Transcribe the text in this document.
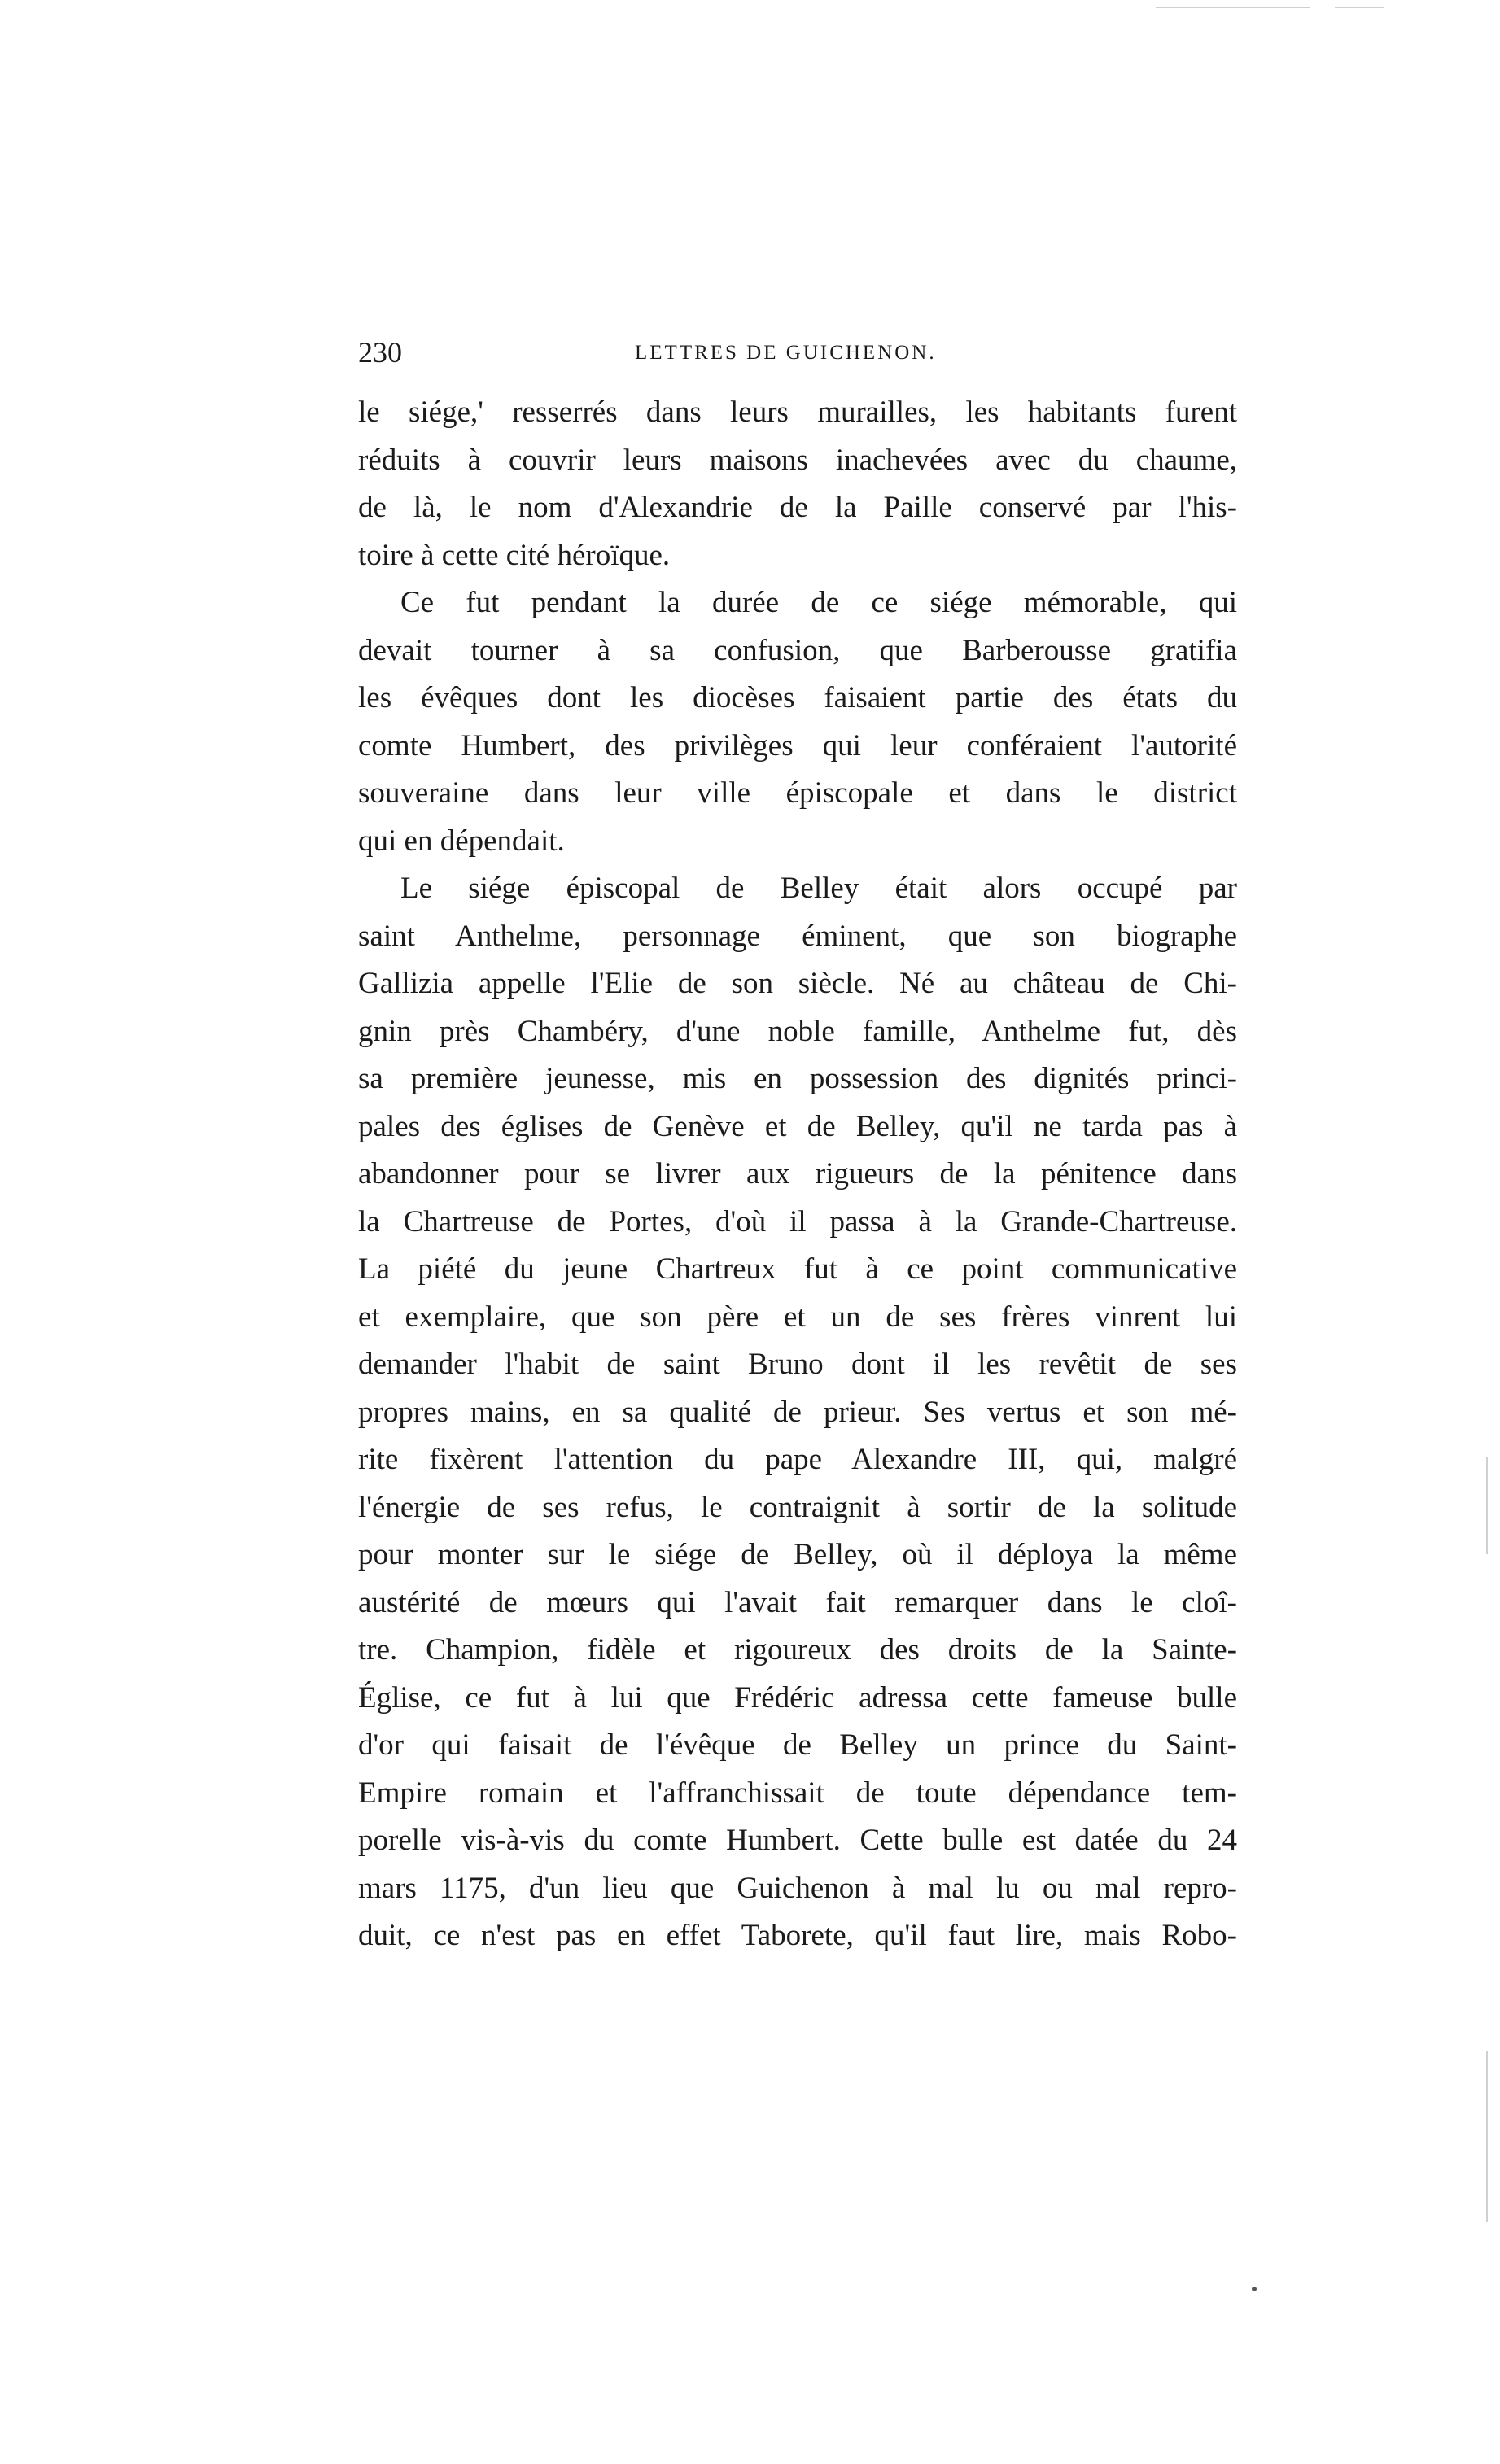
230	LETTRES DE GUICHENON.
le siége,' resserrés dans leurs murailles, les habitants furent
réduits à couvrir leurs maisons inachevées avec du chaume,
de là, le nom d'Alexandrie de la Paille conservé par l'his-
toire à cette cité héroïque.
Ce fut pendant la durée de ce siége mémorable, qui
devait tourner à sa confusion, que Barberousse gratifia
les évêques dont les diocèses faisaient partie des états du
comte Humbert, des privilèges qui leur conféraient l'autorité
souveraine dans leur ville épiscopale et dans le district
qui en dépendait.
Le siége épiscopal de Belley était alors occupé par
saint Anthelme, personnage éminent, que son biographe
Gallizia appelle l'Elie de son siècle. Né au château de Chi-
gnin près Chambéry, d'une noble famille, Anthelme fut, dès
sa première jeunesse, mis en possession des dignités princi-
pales des églises de Genève et de Belley, qu'il ne tarda pas à
abandonner pour se livrer aux rigueurs de la pénitence dans
la Chartreuse de Portes, d'où il passa à la Grande-Chartreuse.
La piété du jeune Chartreux fut à ce point communicative
et exemplaire, que son père et un de ses frères vinrent lui
demander l'habit de saint Bruno dont il les revêtit de ses
propres mains, en sa qualité de prieur. Ses vertus et son mé-
rite fixèrent l'attention du pape Alexandre III, qui, malgré
l'énergie de ses refus, le contraignit à sortir de la solitude
pour monter sur le siége de Belley, où il déploya la même
austérité de mœurs qui l'avait fait remarquer dans le cloî-
tre. Champion, fidèle et rigoureux des droits de la Sainte-
Église, ce fut à lui que Frédéric adressa cette fameuse bulle
d'or qui faisait de l'évêque de Belley un prince du Saint-
Empire romain et l'affranchissait de toute dépendance tem-
porelle vis-à-vis du comte Humbert. Cette bulle est datée du 24
mars 1175, d'un lieu que Guichenon à mal lu ou mal repro-
duit, ce n'est pas en effet Taborete, qu'il faut lire, mais Robo-
